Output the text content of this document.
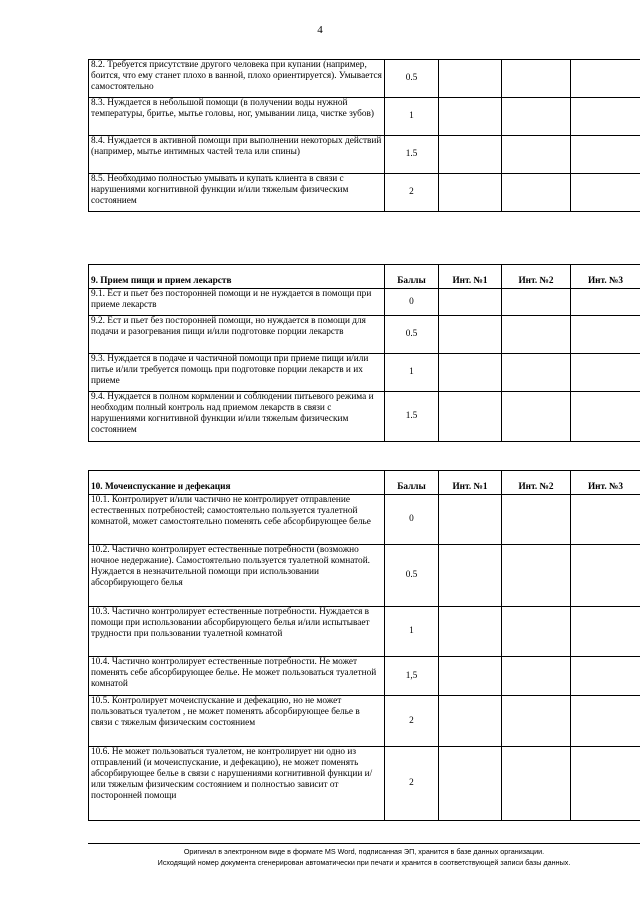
4
8.2. Требуется присутствие другого человека при купании (например, боится, что ему станет плохо в ванной, плохо ориентируется). Умывается самостоятельно	0.5			
8.3. Нуждается в небольшой помощи (в получении воды нужной температуры, бритье, мытье головы, ног, умывании лица, чистке зубов)	1			
8.4. Нуждается в активной помощи при выполнении некоторых действий (например, мытье интимных частей тела или спины)	1.5			
8.5. Необходимо полностью умывать и купать клиента в связи с нарушениями когнитивной функции и/или тяжелым физическим состоянием	2			
9. Прием пищи и прием лекарств	Баллы	Инт. №1	Инт. №2	Инт. №3
9.1. Ест и пьет без посторонней помощи и не нуждается в помощи при приеме лекарств	0			
9.2. Ест и пьет без посторонней помощи, но нуждается в помощи для подачи и разогревания пищи и/или подготовке порции лекарств	0.5			
9.3. Нуждается в подаче и частичной помощи при приеме пищи и/или питье и/или требуется помощь при подготовке порции лекарств и их приеме	1			
9.4. Нуждается в полном кормлении и соблюдении питьевого режима и необходим полный контроль над приемом лекарств в связи с нарушениями когнитивной функции и/или тяжелым физическим состоянием	1.5			
10. Мочеиспускание и дефекация	Баллы	Инт. №1	Инт. №2	Инт. №3
10.1. Контролирует и/или частично не контролирует отправление естественных потребностей; самостоятельно пользуется туалетной комнатой, может самостоятельно поменять себе абсорбирующее белье	0			
10.2. Частично контролирует естественные потребности (возможно ночное недержание). Самостоятельно пользуется туалетной комнатой. Нуждается в незначительной помощи при использовании абсорбирующего белья	0.5			
10.3. Частично контролирует естественные потребности. Нуждается в помощи при использовании абсорбирующего белья и/или испытывает трудности при пользовании туалетной комнатой	1			
10.4. Частично контролирует естественные потребности. Не может поменять себе абсорбирующее белье. Не может пользоваться туалетной комнатой	1,5			
10.5. Контролирует мочеиспускание и дефекацию, но не может пользоваться туалетом , не может поменять абсорбирующее белье в связи с тяжелым физическим состоянием	2			
10.6. Не может пользоваться туалетом, не контролирует ни одно из отправлений (и мочеиспускание, и дефекацию), не может поменять абсорбирующее белье в связи с нарушениями когнитивной функции и/или тяжелым физическим состоянием и полностью зависит от посторонней помощи	2			
Оригинал в электронном виде в формате MS Word, подписанная ЭП, хранится в базе данных организации.
Исходящий номер документа сгенерирован автоматически при печати и хранится в соответствующей записи базы данных.
